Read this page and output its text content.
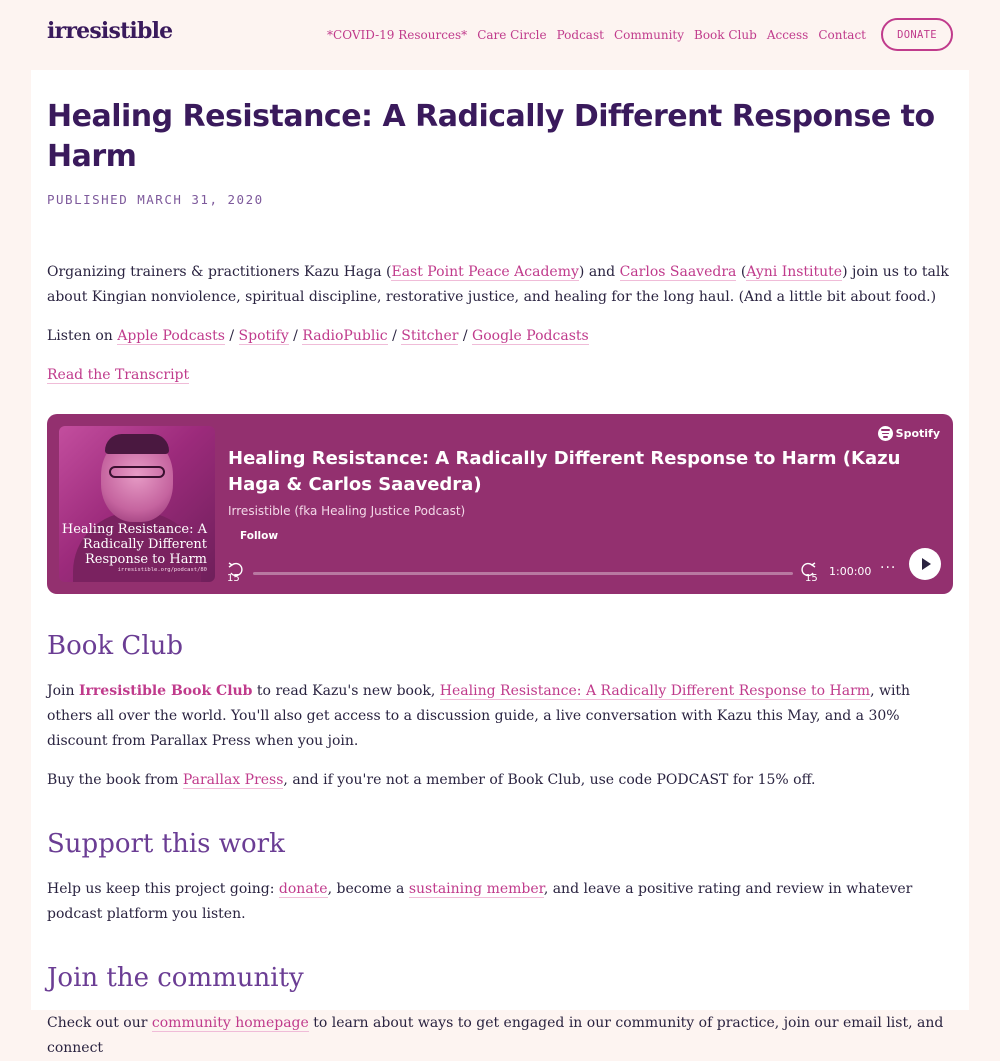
irresistible	*COVID-19 Resources* Care Circle Podcast Community Book Club Access Contact	DONATE
Healing Resistance: A Radically Different Response to Harm
PUBLISHED MARCH 31, 2020

Organizing trainers & practitioners Kazu Haga (East Point Peace Academy) and Carlos Saavedra (Ayni Institute) join us to talk about Kingian nonviolence, spiritual discipline, restorative justice, and healing for the long haul. (And a little bit about food.)

Listen on Apple Podcasts / Spotify / RadioPublic / Stitcher / Google Podcasts

Read the Transcript

Healing Resistance: A Radically Different Response to Harm
irresistible.org/podcast/80
Spotify
Healing Resistance: A Radically Different Response to Harm (Kazu Haga & Carlos Saavedra)
Irresistible (fka Healing Justice Podcast)
Follow
15	15
1:00:00 ···
Book Club

Join Irresistible Book Club to read Kazu's new book, Healing Resistance: A Radically Different Response to Harm, with others all over the world. You'll also get access to a discussion guide, a live conversation with Kazu this May, and a 30% discount from Parallax Press when you join.

Buy the book from Parallax Press, and if you're not a member of Book Club, use code PODCAST for 15% off.

Support this work

Help us keep this project going: donate, become a sustaining member, and leave a positive rating and review in whatever podcast platform you listen.

Join the community

Check out our community homepage to learn about ways to get engaged in our community of practice, join our email list, and connect
